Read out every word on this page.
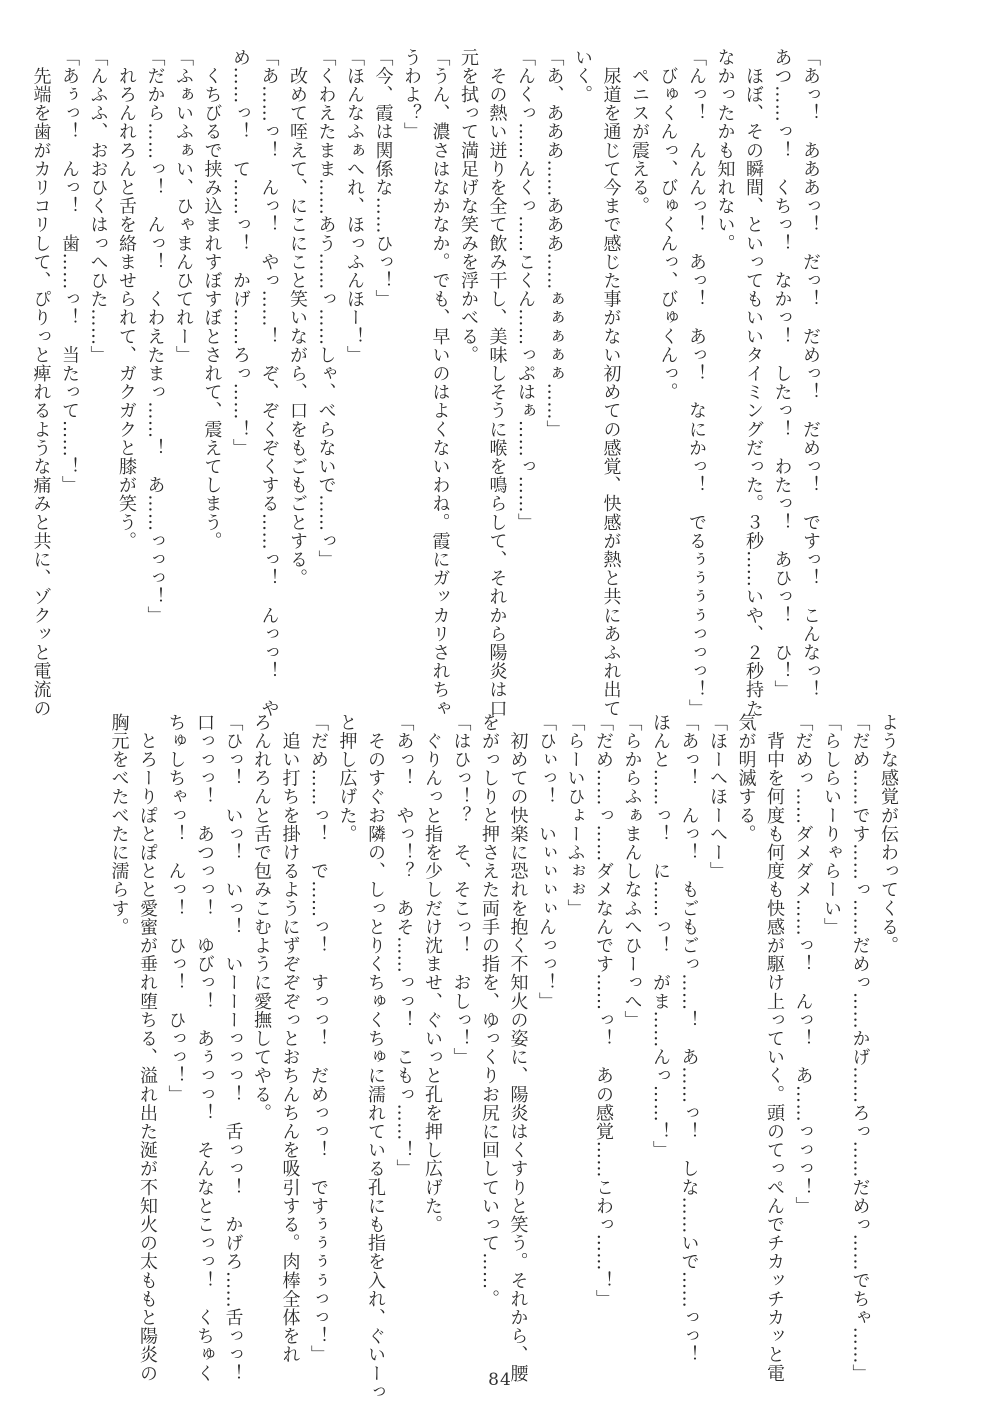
「あっ！　あああっ！　だっ！　だめっ！　だめっ！　ですっ！　こんなっ！
あつ……っ！　くちっ！　なかっ！　したっ！　わたっ！　あひっ！　ひ！」
　ほぼ、その瞬間、といってもいいタイミングだった。３秒……いや、２秒持た
なかったかも知れない。
「んっ！　んんんっ！　あっ！　あっ！　なにかっ！　でるぅぅぅぅっっっ！」
　びゅくんっ、びゅくんっ、びゅくんっ。
　ペニスが震える。
　尿道を通じて今まで感じた事がない初めての感覚、快感が熱と共にあふれ出て
いく。
「あ、あああ……あああ……ぁぁぁぁぁ……」
「んくっ……んくっ……こくん……っぷはぁ……っ……」
　その熱い迸りを全て飲み干し、美味しそうに喉を鳴らして、それから陽炎は口
元を拭って満足げな笑みを浮かべる。
「うん、濃さはなかなか。でも、早いのはよくないわね。霞にガッカリされちゃ
うわよ？」
「今、霞は関係な……ひっ！」
「ほんなふぁへれ、ほっふんほー！」
「くわえたまま……あう……っ……しゃ、べらないで……っ」
　改めて咥えて、にこにこと笑いながら、口をもごもごとする。
「あ……っ！　んっ！　やっ……！　ぞ、ぞくぞくする……っ！　んっっ！　や
め……っ！　て……っ！　かげ……ろっ……！」
　くちびるで挟み込まれすぼすぼとされて、震えてしまう。
「ふぁいふぁい、ひゃまんひてれー」
「だから……っ！　んっ！　くわえたまっ……！　あ……っっっ！」
　れろんれろんと舌を絡ませられて、ガクガクと膝が笑う。
「んふふ、おおひくはっへひた……」
「あぅっ！　んっ！　歯……っ！　当たって……！」
　先端を歯がカリコリして、ぴりっと痺れるような痛みと共に、ゾクッと電流の
ような感覚が伝わってくる。
「だめ……です……っ……だめっ……かげ……ろっ……だめっ……でちゃ……」
「らしらいーりゃらーい」
「だめっ……ダメダメ……っ！　んっ！　あ……っっっ！」
　背中を何度も何度も快感が駆け上っていく。頭のてっぺんでチカッチカッと電
気が明滅する。
「ほーへほーへー」
「あっ！　んっ！　もごもごっ……！　あ……っ！　しな……いで……っっ！
ほんと……っ！　に……っ！　がま……んっ……！」
「らからふぁまんしなふへひーっへ」
「だめ……っ……ダメなんです……っ！　あの感覚……こわっ……！」
「らーいひょーふぉぉ」
「ひぃっ！　いぃぃぃぃんっっ！」
　初めての快楽に恐れを抱く不知火の姿に、陽炎はくすりと笑う。それから、腰
をがっしりと押さえた両手の指を、ゆっくりお尻に回していって……。
「はひっ！？　そ、そこっ！　おしっ！」
　ぐりんっと指を少しだけ沈ませ、ぐいっと孔を押し広げた。
「あっ！　やっ！？　あそ……っっ！　こもっ……！」
　そのすぐお隣の、しっとりくちゅくちゅに濡れている孔にも指を入れ、ぐいーっ
と押し広げた。
「だめ……っ！　で……っ！　すっっ！　だめっっ！　ですぅぅぅぅっっ！」
　追い打ちを掛けるようにずぞぞぞっとおちんちんを吸引する。肉棒全体をれ
ろんれろんと舌で包みこむように愛撫してやる。
「ひっ！　いっ！　いっ！　いーーーっっっ！　舌っっ！　かげろ……舌っっ！
口っっっ！　あつっっ！　ゆびっ！　あぅっっ！　そんなとこっっ！　くちゅく
ちゅしちゃっ！　んっ！　ひっ！　ひっっ！」
　とろーりぽとぽとと愛蜜が垂れ堕ちる、溢れ出た涎が不知火の太ももと陽炎の
胸元をべたべたに濡らす。
84
